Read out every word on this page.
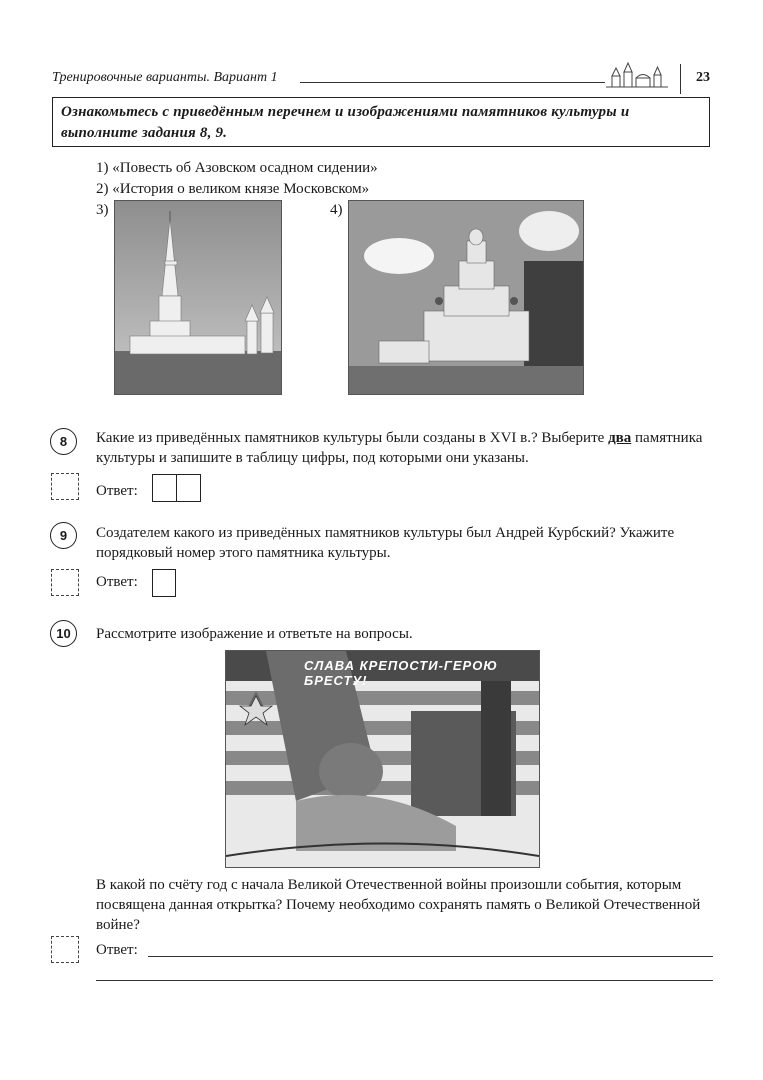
Тренировочные варианты. Вариант 1	23
Ознакомьтесь с приведённым перечнем и изображениями памятников культуры и выполните задания 8, 9.
1) «Повесть об Азовском осадном сидении»
2) «История о великом князе Московском»
3)	4)
8	Какие из приведённых памятников культуры были созданы в XVI в.? Выберите два памятника культуры и запишите в таблицу цифры, под которыми они указаны.
Ответ:
9	Создателем какого из приведённых памятников культуры был Андрей Курбский? Укажите порядковый номер этого памятника культуры.
Ответ:
10	Рассмотрите изображение и ответьте на вопросы.
СЛАВА КРЕПОСТИ-ГЕРОЮ БРЕСТУ!
В какой по счёту год с начала Великой Отечественной войны произошли события, которым посвящена данная открытка? Почему необходимо сохранять память о Великой Отечественной войне?
Ответ:
